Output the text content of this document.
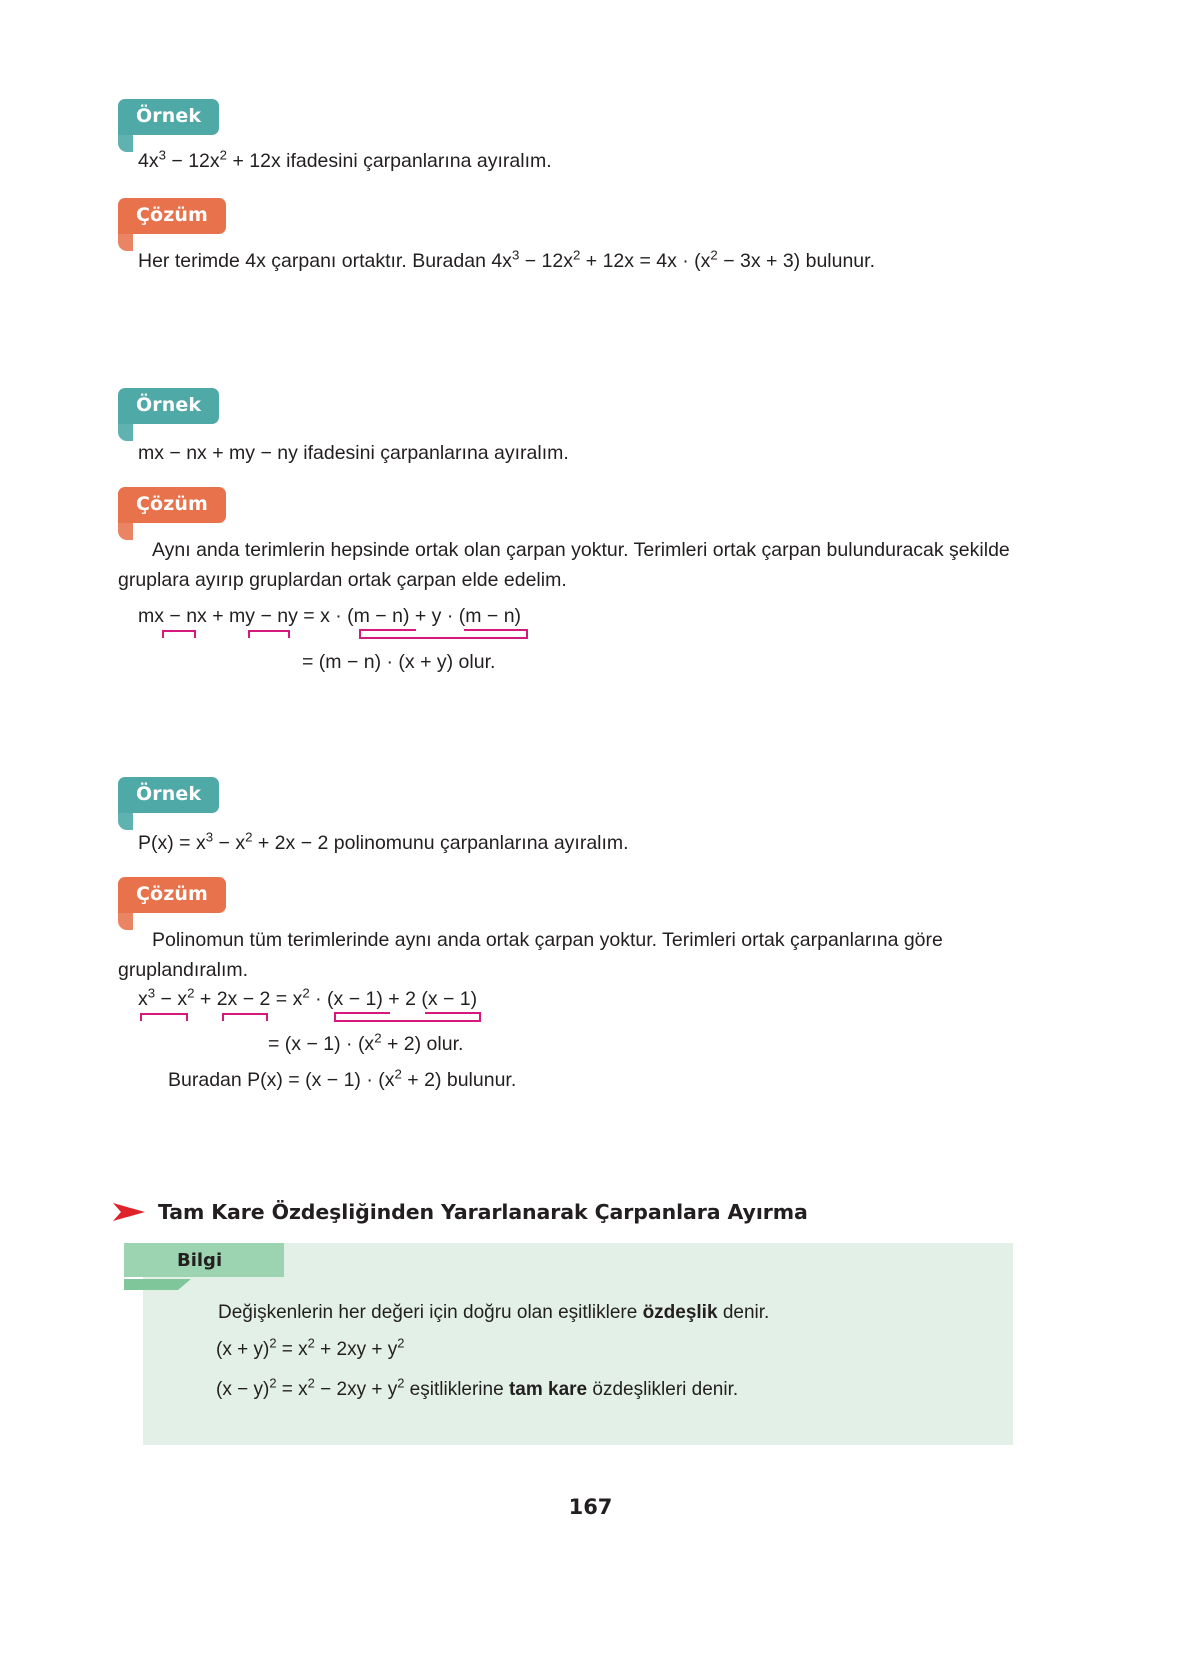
Örnek
$4x^3 - 12x^2 + 12x$ ifadesini çarpanlarına ayıralım.
Çözüm
Her terimde 4x çarpanı ortaktır. Buradan $4x^3 - 12x^2 + 12x = 4x \cdot (x^2 - 3x + 3)$ bulunur.
Örnek
mx − nx + my − ny ifadesini çarpanlarına ayıralım.
Çözüm
Aynı anda terimlerin hepsinde ortak olan çarpan yoktur. Terimleri ortak çarpan bulunduracak şekilde gruplara ayırıp gruplardan ortak çarpan elde edelim.
mx − nx + my − ny = x · (m − n) + y · (m − n)
= (m − n) · (x + y) olur.
Örnek
$P(x) = x^3 - x^2 + 2x - 2$ polinomunu çarpanlarına ayıralım.
Çözüm
Polinomun tüm terimlerinde aynı anda ortak çarpan yoktur. Terimleri ortak çarpanlarına göre gruplandıralım.
$x^3 - x^2 + 2x - 2 = x^2 \cdot (x - 1) + 2$ (x − 1)
= $(x - 1) \cdot (x^2 + 2)$ olur.
Buradan $P(x) = (x - 1) \cdot (x^2 + 2)$ bulunur.
Tam Kare Özdeşliğinden Yararlanarak Çarpanlara Ayırma
Bilgi
Değişkenlerin her değeri için doğru olan eşitliklere özdeşlik denir.
$(x + y)^2 = x^2 + 2xy + y^2$
$(x - y)^2 = x^2 - 2xy + y^2$ eşitliklerine tam kare özdeşlikleri denir.
167
